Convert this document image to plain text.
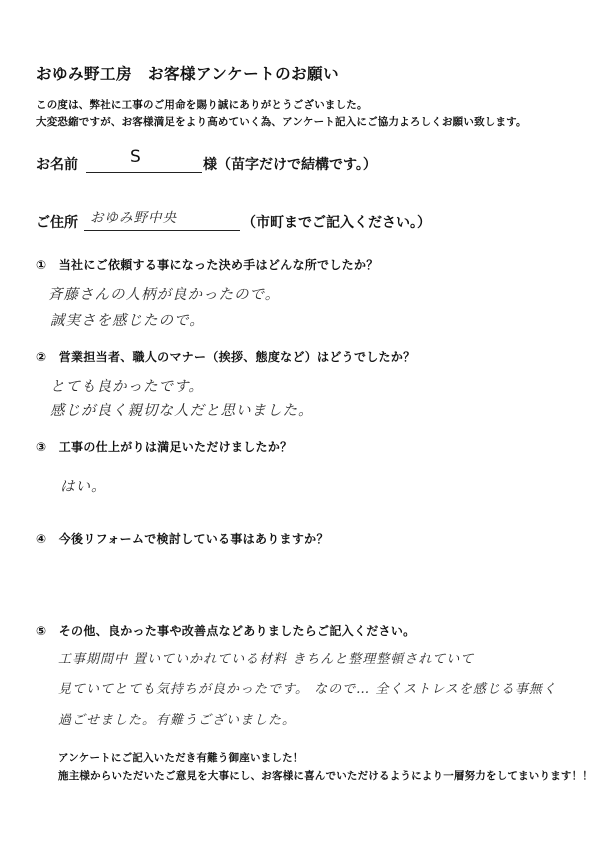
おゆみ野工房　お客様アンケートのお願い
この度は、弊社に工事のご用命を賜り誠にありがとうございました。
大変恐縮ですが、お客様満足をより高めていく為、アンケート記入にご協力よろしくお願い致します。
お名前	S	様（苗字だけで結構です。）
ご住所 おゆみ野中央	（市町までご記入ください。）
①　当社にご依頼する事になった決め手はどんな所でしたか？
斉藤さんの人柄が良かったので。
誠実さを感じたので。
②　営業担当者、職人のマナー（挨拶、態度など）はどうでしたか？
とても良かったです。
感じが良く親切な人だと思いました。
③　工事の仕上がりは満足いただけましたか？
はい。
④　今後リフォームで検討している事はありますか？
⑤　その他、良かった事や改善点などありましたらご記入ください。
工事期間中 置いていかれている材料 きちんと整理整頓されていて
見ていてとても気持ちが良かったです。 なので… 全くストレスを感じる事無く
過ごせました。有難うございました。
アンケートにご記入いただき有難う御座いました！
施主様からいただいたご意見を大事にし、お客様に喜んでいただけるようにより一層努力をしてまいります！！
